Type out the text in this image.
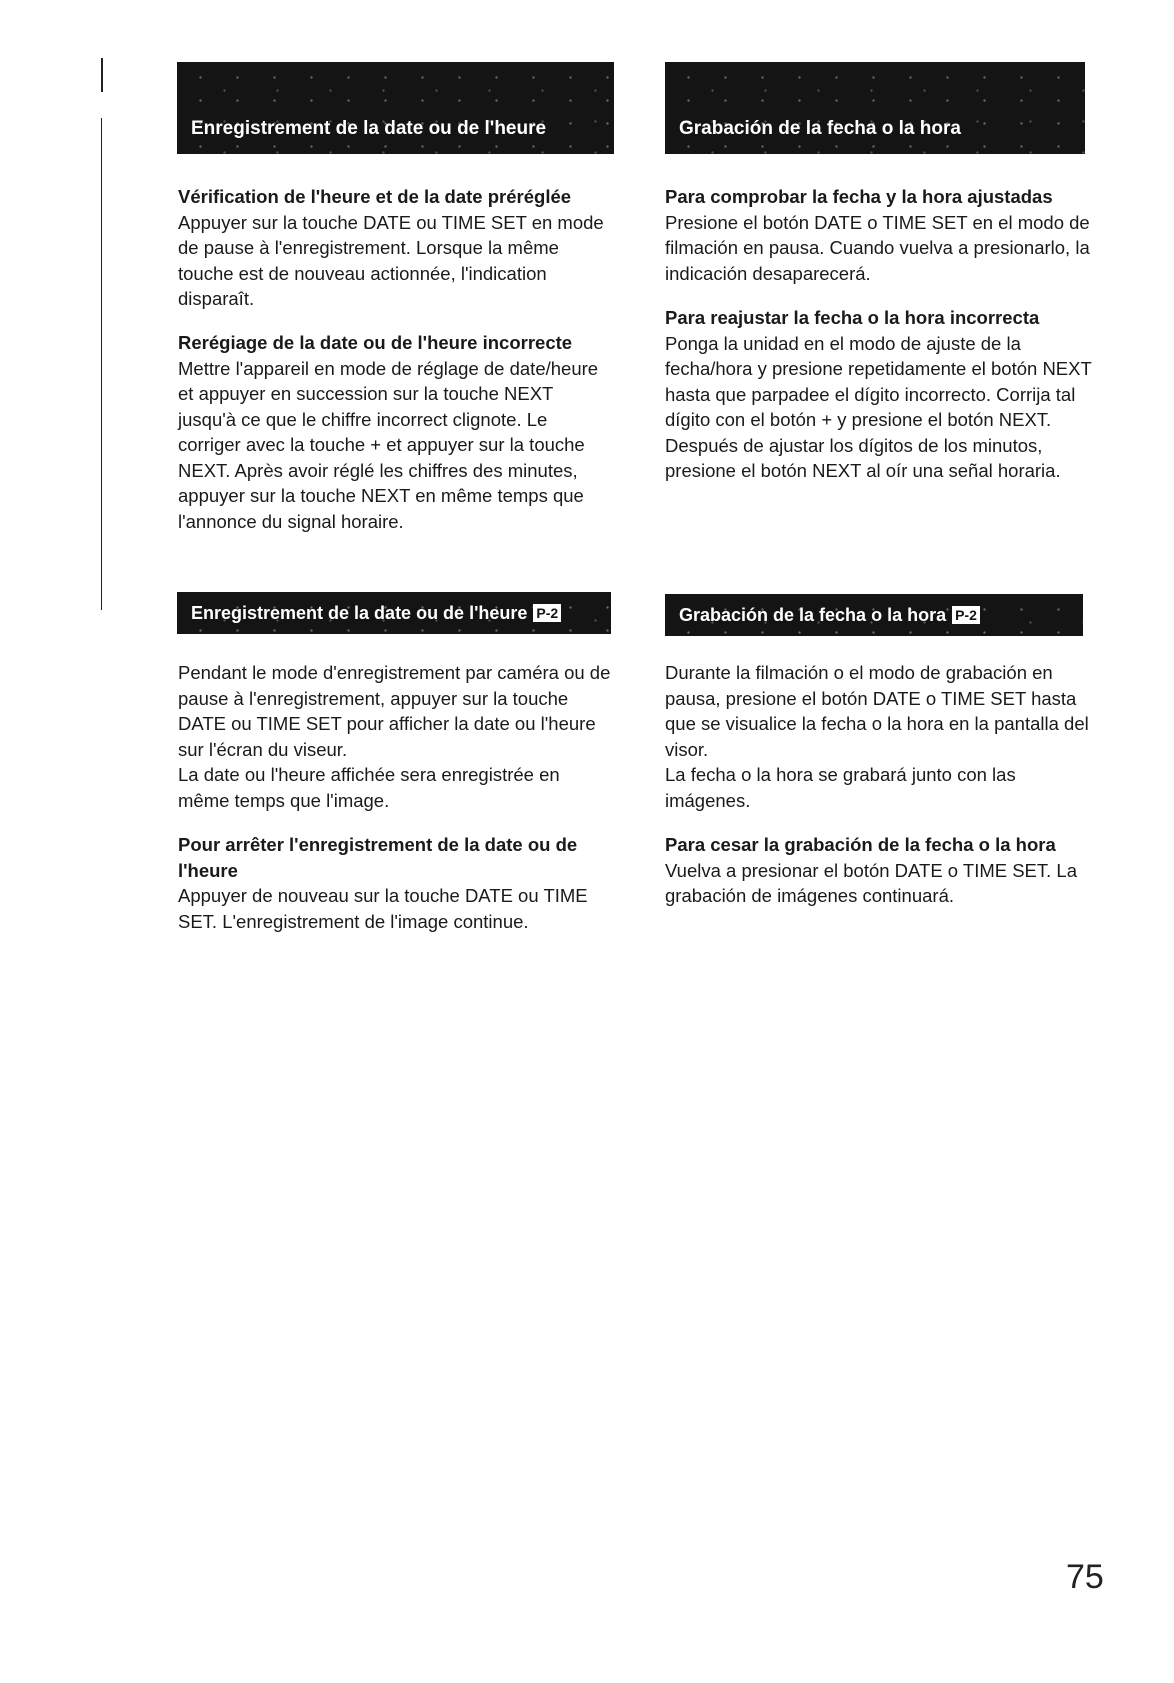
Enregistrement de la date ou de l'heure
Vérification de l'heure et de la date préréglée
Appuyer sur la touche DATE ou TIME SET en mode de pause à l'enregistrement. Lorsque la même touche est de nouveau actionnée, l'indication disparaît.
Rerégiage de la date ou de l'heure incorrecte
Mettre l'appareil en mode de réglage de date/heure et appuyer en succession sur la touche NEXT jusqu'à ce que le chiffre incorrect clignote. Le corriger avec la touche + et appuyer sur la touche NEXT. Après avoir réglé les chiffres des minutes, appuyer sur la touche NEXT en même temps que l'annonce du signal horaire.
Enregistrement de la date ou de l'heure P-2
Pendant le mode d'enregistrement par caméra ou de pause à l'enregistrement, appuyer sur la touche DATE ou TIME SET pour afficher la date ou l'heure sur l'écran du viseur.
La date ou l'heure affichée sera enregistrée en même temps que l'image.
Pour arrêter l'enregistrement de la date ou de l'heure
Appuyer de nouveau sur la touche DATE ou TIME SET. L'enregistrement de l'image continue.
Grabación de la fecha o la hora
Para comprobar la fecha y la hora ajustadas
Presione el botón DATE o TIME SET en el modo de filmación en pausa. Cuando vuelva a presionarlo, la indicación desaparecerá.
Para reajustar la fecha o la hora incorrecta
Ponga la unidad en el modo de ajuste de la fecha/hora y presione repetidamente el botón NEXT hasta que parpadee el dígito incorrecto. Corrija tal dígito con el botón + y presione el botón NEXT. Después de ajustar los dígitos de los minutos, presione el botón NEXT al oír una señal horaria.
Grabación de la fecha o la hora P-2
Durante la filmación o el modo de grabación en pausa, presione el botón DATE o TIME SET hasta que se visualice la fecha o la hora en la pantalla del visor.
La fecha o la hora se grabará junto con las imágenes.
Para cesar la grabación de la fecha o la hora
Vuelva a presionar el botón DATE o TIME SET. La grabación de imágenes continuará.
75
